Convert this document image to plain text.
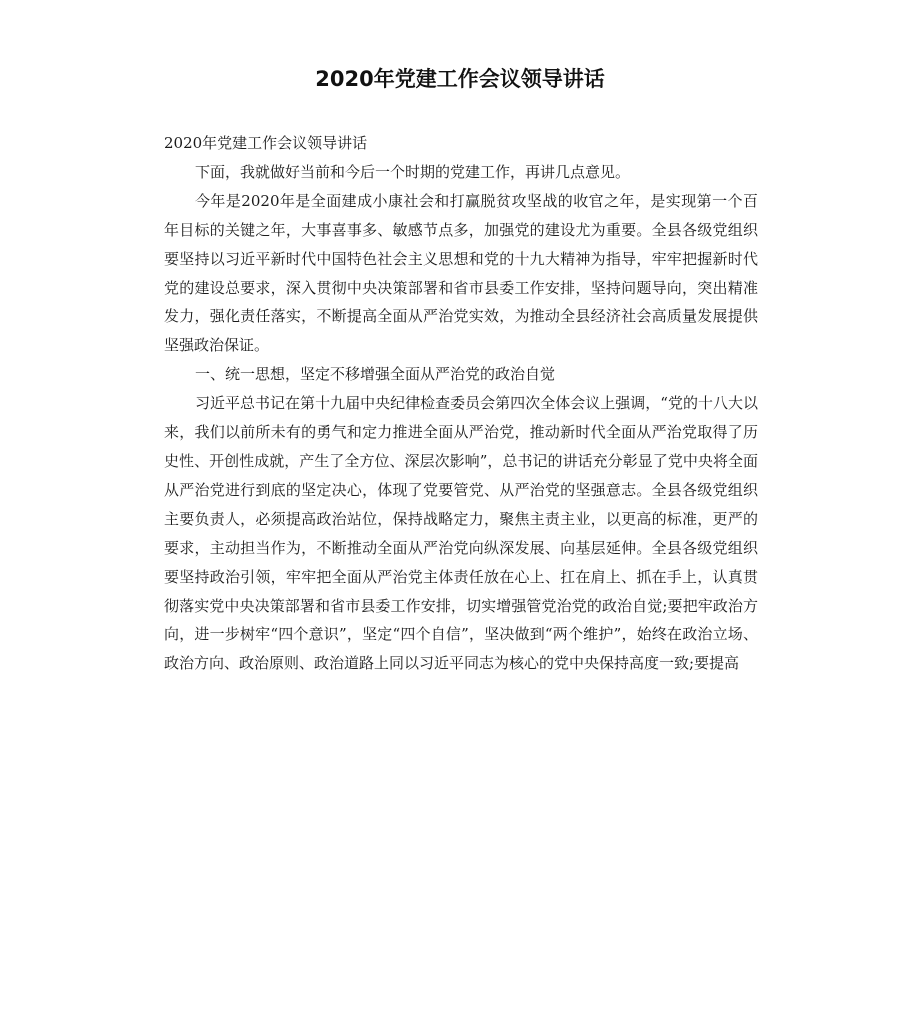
2020年党建工作会议领导讲话

2020年党建工作会议领导讲话

下面，我就做好当前和今后一个时期的党建工作，再讲几点意见。

今年是2020年是全面建成小康社会和打赢脱贫攻坚战的收官之年，是实现第一个百年目标的关键之年，大事喜事多、敏感节点多，加强党的建设尤为重要。全县各级党组织要坚持以习近平新时代中国特色社会主义思想和党的十九大精神为指导，牢牢把握新时代党的建设总要求，深入贯彻中央决策部署和省市县委工作安排，坚持问题导向，突出精准发力，强化责任落实，不断提高全面从严治党实效，为推动全县经济社会高质量发展提供坚强政治保证。

一、统一思想，坚定不移增强全面从严治党的政治自觉

习近平总书记在第十九届中央纪律检查委员会第四次全体会议上强调，“党的十八大以来，我们以前所未有的勇气和定力推进全面从严治党，推动新时代全面从严治党取得了历史性、开创性成就，产生了全方位、深层次影响”，总书记的讲话充分彰显了党中央将全面从严治党进行到底的坚定决心，体现了党要管党、从严治党的坚强意志。全县各级党组织主要负责人，必须提高政治站位，保持战略定力，聚焦主责主业，以更高的标准，更严的要求，主动担当作为，不断推动全面从严治党向纵深发展、向基层延伸。全县各级党组织要坚持政治引领，牢牢把全面从严治党主体责任放在心上、扛在肩上、抓在手上，认真贯彻落实党中央决策部署和省市县委工作安排，切实增强管党治党的政治自觉;要把牢政治方向，进一步树牢“四个意识”，坚定“四个自信”，坚决做到“两个维护”，始终在政治立场、政治方向、政治原则、政治道路上同以习近平同志为核心的党中央保持高度一致;要提高
